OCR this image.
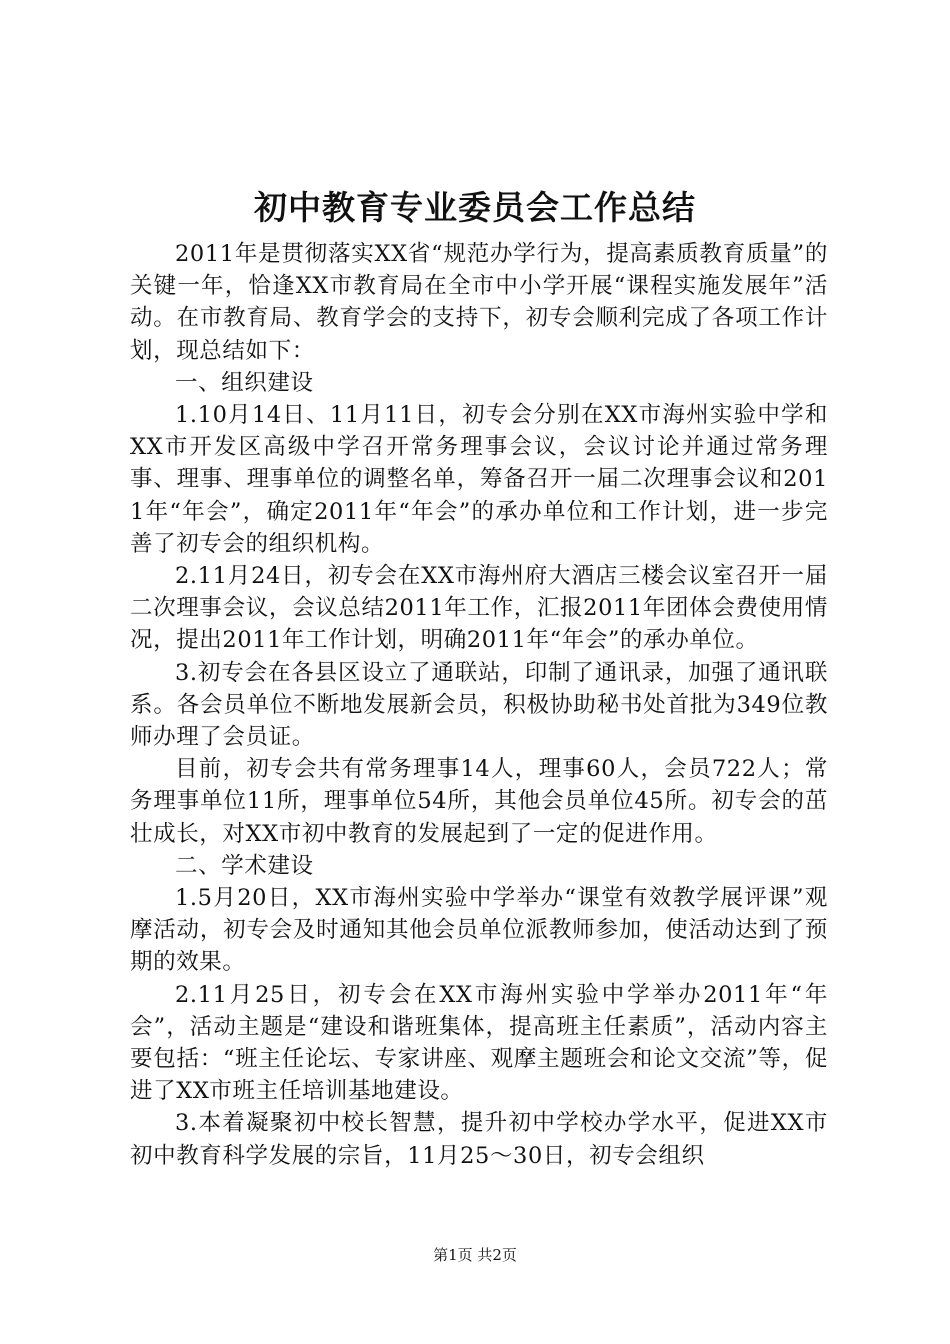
初中教育专业委员会工作总结

2011年是贯彻落实XX省“规范办学行为，提高素质教育质量”的关键一年，恰逢XX市教育局在全市中小学开展“课程实施发展年”活动。在市教育局、教育学会的支持下，初专会顺利完成了各项工作计划，现总结如下：

一、组织建设

1.10月14日、11月11日，初专会分别在XX市海州实验中学和XX市开发区高级中学召开常务理事会议，会议讨论并通过常务理事、理事、理事单位的调整名单，筹备召开一届二次理事会议和2011年“年会”，确定2011年“年会”的承办单位和工作计划，进一步完善了初专会的组织机构。

2.11月24日，初专会在XX市海州府大酒店三楼会议室召开一届二次理事会议，会议总结2011年工作，汇报2011年团体会费使用情况，提出2011年工作计划，明确2011年“年会”的承办单位。

3.初专会在各县区设立了通联站，印制了通讯录，加强了通讯联系。各会员单位不断地发展新会员，积极协助秘书处首批为349位教师办理了会员证。

目前，初专会共有常务理事14人，理事60人，会员722人；常务理事单位11所，理事单位54所，其他会员单位45所。初专会的茁壮成长，对XX市初中教育的发展起到了一定的促进作用。

二、学术建设

1.5月20日，XX市海州实验中学举办“课堂有效教学展评课”观摩活动，初专会及时通知其他会员单位派教师参加，使活动达到了预期的效果。

2.11月25日，初专会在XX市海州实验中学举办2011年“年会”，活动主题是“建设和谐班集体，提高班主任素质”，活动内容主要包括：“班主任论坛、专家讲座、观摩主题班会和论文交流”等，促进了XX市班主任培训基地建设。

3.本着凝聚初中校长智慧，提升初中学校办学水平，促进XX市初中教育科学发展的宗旨，11月25～30日，初专会组织

第1页 共2页
